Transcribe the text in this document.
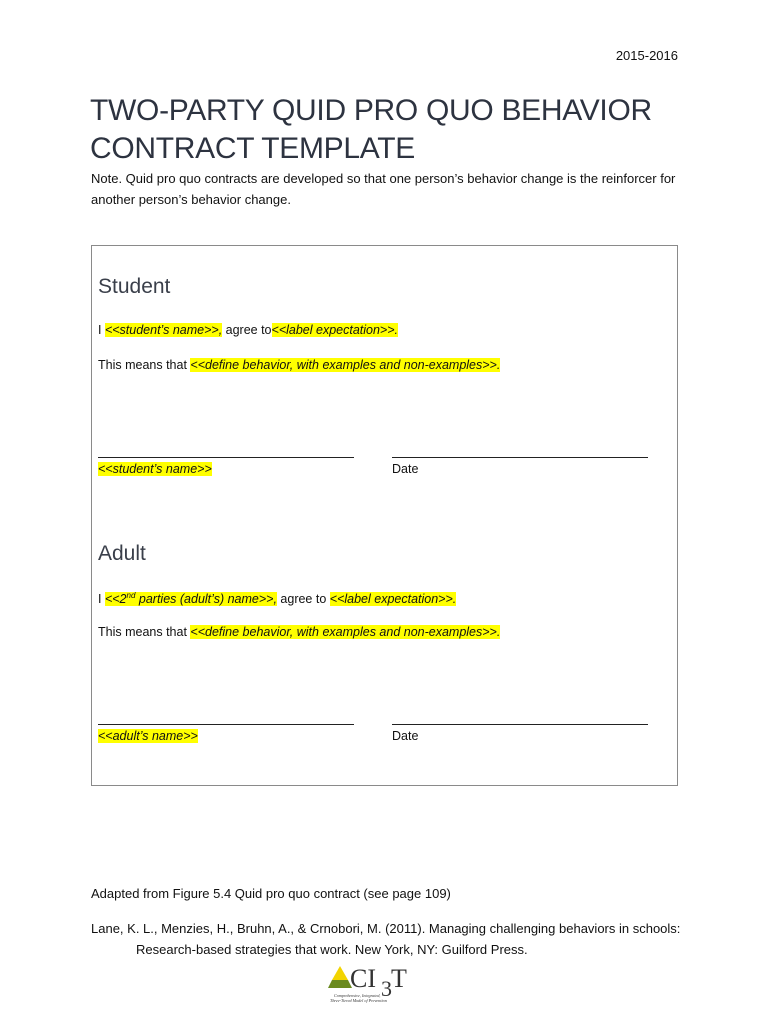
2015-2016
TWO-PARTY QUID PRO QUO BEHAVIOR
CONTRACT TEMPLATE
Note. Quid pro quo contracts are developed so that one person’s behavior change is the reinforcer for another person’s behavior change.
Student
I <<student’s name>>, agree to<<label expectation>>.
This means that <<define behavior, with examples and non-examples>>.
<<student’s name>>	Date
Adult
I <<2nd parties (adult’s) name>>, agree to <<label expectation>>.
This means that <<define behavior, with examples and non-examples>>.
<<adult’s name>>	Date
Adapted from Figure 5.4 Quid pro quo contract (see page 109)
Lane, K. L., Menzies, H., Bruhn, A., & Crnobori, M. (2011). Managing challenging behaviors in schools:
Research-based strategies that work. New York, NY: Guilford Press.
CI 3 T
Comprehensive, Integrated,
Three-Tiered Model of Prevention
